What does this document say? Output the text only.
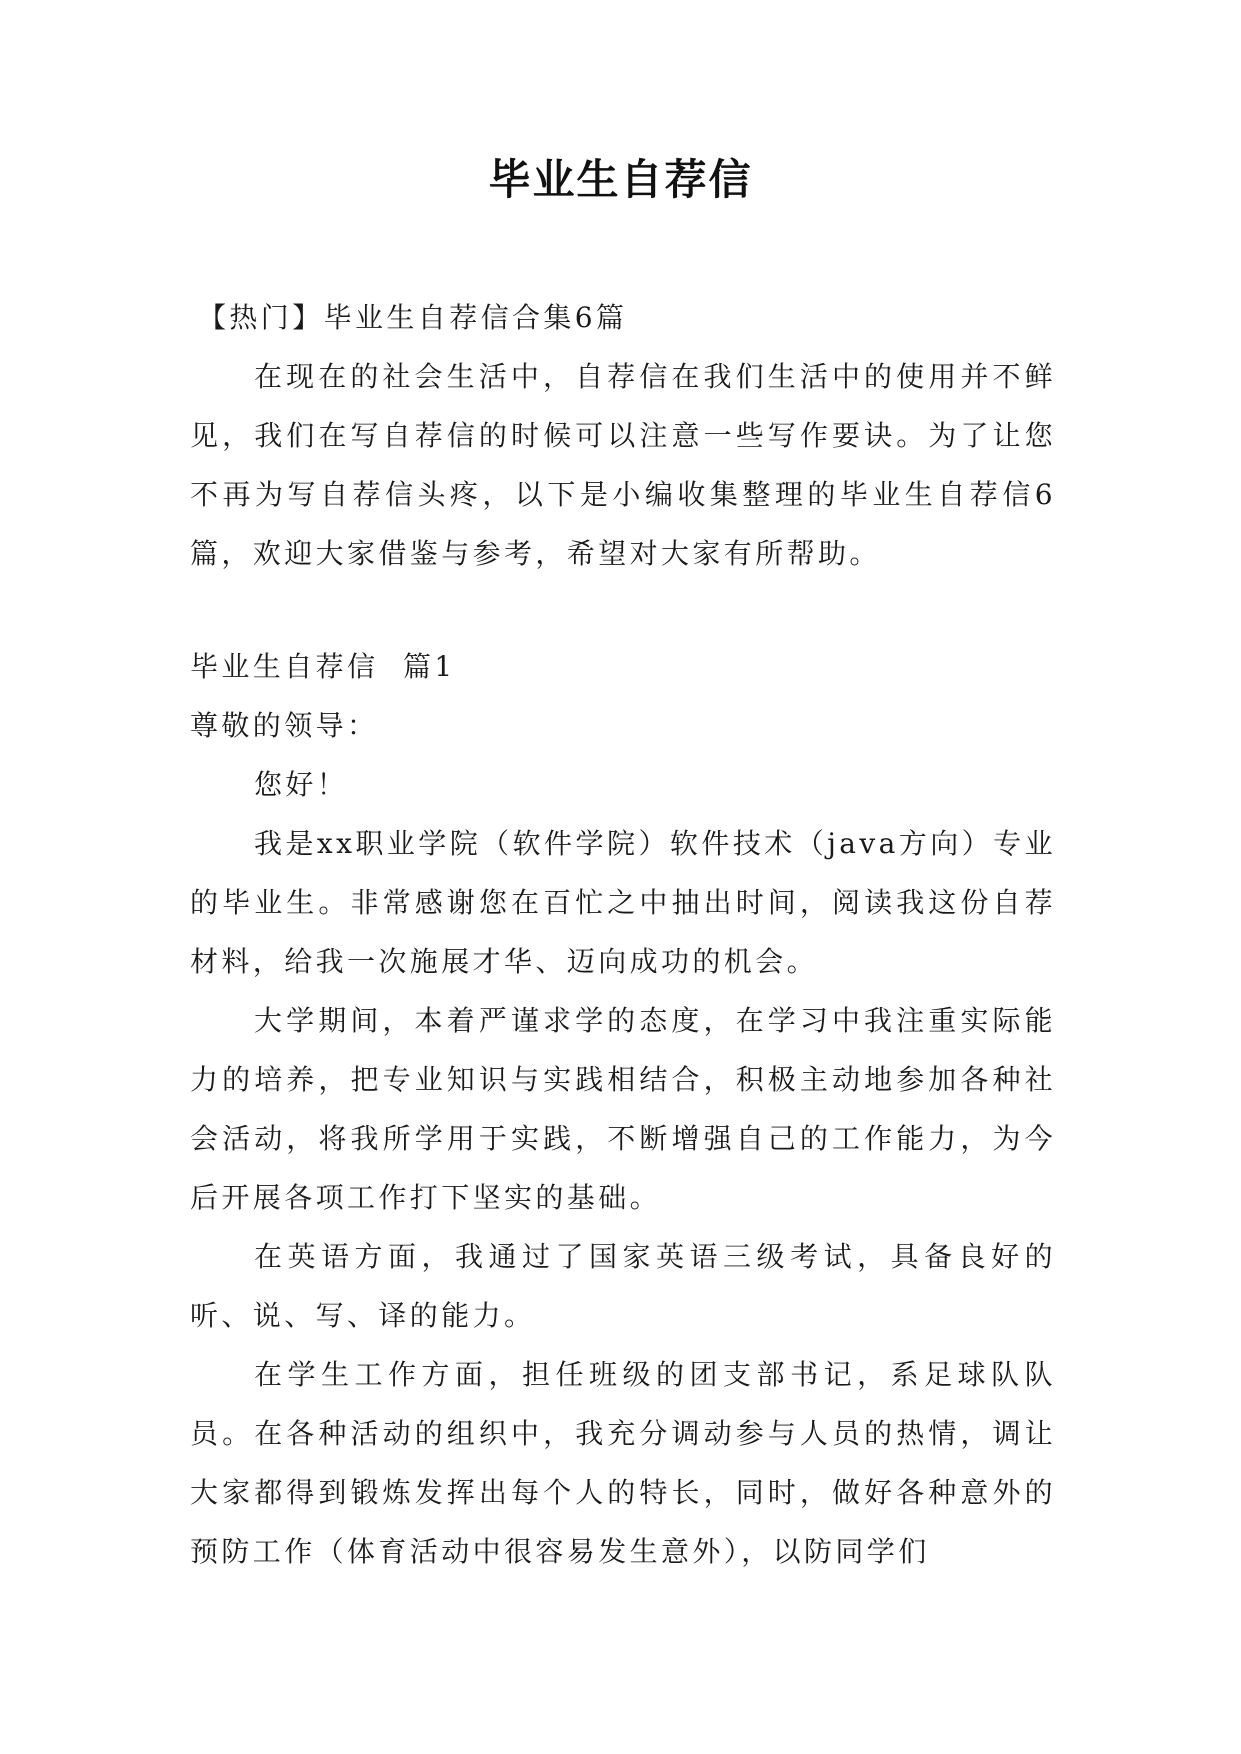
毕业生自荐信

【热门】毕业生自荐信合集6篇

在现在的社会生活中，自荐信在我们生活中的使用并不鲜见，我们在写自荐信的时候可以注意一些写作要诀。为了让您不再为写自荐信头疼，以下是小编收集整理的毕业生自荐信6篇，欢迎大家借鉴与参考，希望对大家有所帮助。

毕业生自荐信  篇1

尊敬的领导：

您好！

我是xx职业学院（软件学院）软件技术（java方向）专业的毕业生。非常感谢您在百忙之中抽出时间，阅读我这份自荐材料，给我一次施展才华、迈向成功的机会。

大学期间，本着严谨求学的态度，在学习中我注重实际能力的培养，把专业知识与实践相结合，积极主动地参加各种社会活动，将我所学用于实践，不断增强自己的工作能力，为今后开展各项工作打下坚实的基础。

在英语方面，我通过了国家英语三级考试，具备良好的听、说、写、译的能力。

在学生工作方面，担任班级的团支部书记，系足球队队员。在各种活动的组织中，我充分调动参与人员的热情，调让大家都得到锻炼发挥出每个人的特长，同时，做好各种意外的预防工作（体育活动中很容易发生意外），以防同学们
